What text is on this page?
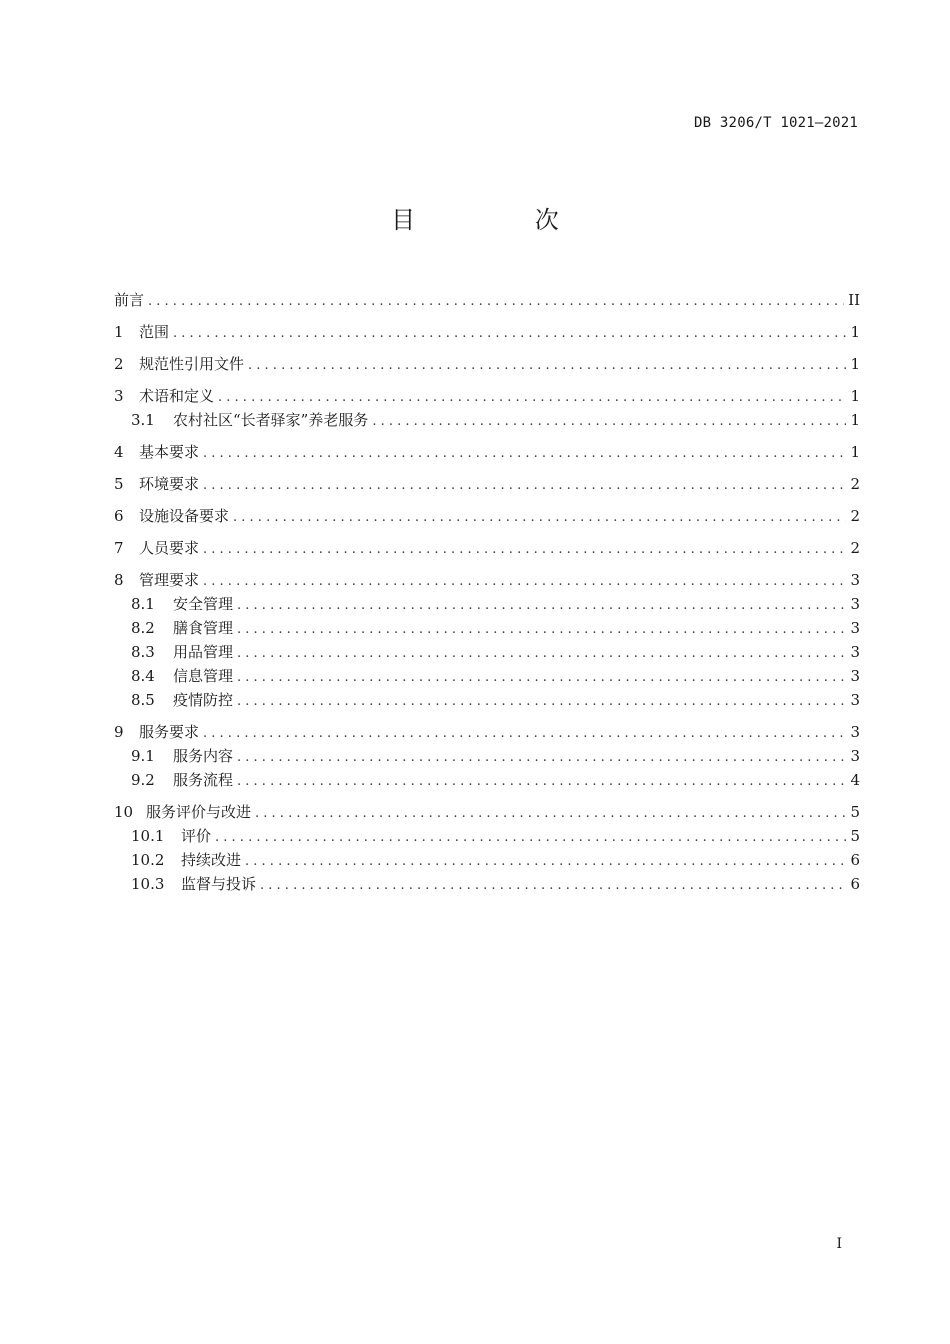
DB 3206/T 1021—2021
目 次
前言 . . .	II
1	范围 . . .	1
2	规范性引用文件 . . .	1
3	术语和定义 . . .	1
3.1	农村社区“长者驿家”养老服务 . . .	1
4	基本要求 . . .	1
5	环境要求 . . .	2
6	设施设备要求 . . .	2
7	人员要求 . . .	2
8	管理要求 . . .	3
8.1	安全管理 . . .	3
8.2	膳食管理 . . .	3
8.3	用品管理 . . .	3
8.4	信息管理 . . .	3
8.5	疫情防控 . . .	3
9	服务要求 . . .	3
9.1	服务内容 . . .	3
9.2	服务流程 . . .	4
10 服务评价与改进 . . .	5
10.1	评价 . . .	5
10.2	持续改进 . . .	6
10.3	监督与投诉 . . .	6
I
